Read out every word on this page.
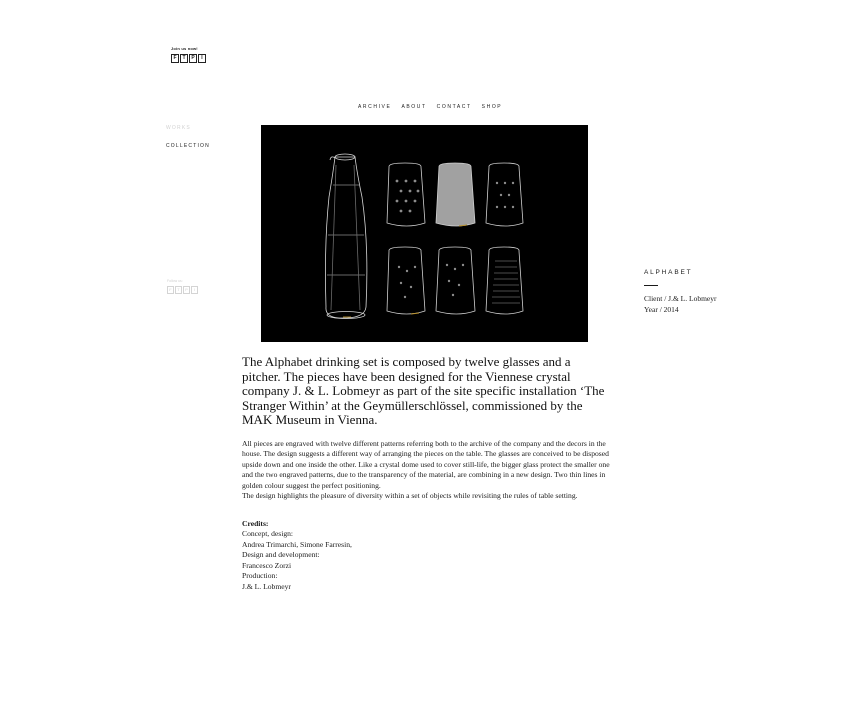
Join us now!
F	T	P	I
ARCHIVE ABOUT CONTACT SHOP
WORKS
COLLECTION
Follow us:
F	T	P	I
ALPHABET
Client / J.& L. Lobmeyr
Year / 2014

The Alphabet drinking set is composed by twelve glasses and a pitcher. The pieces have been designed for the Viennese crystal company J. & L. Lobmeyr as part of the site specific installation ‘The Stranger Within’ at the Geymüllerschlössel, commissioned by the MAK Museum in Vienna.

All pieces are engraved with twelve different patterns referring both to the archive of the company and the decors in the house. The design suggests a different way of arranging the pieces on the table. The glasses are conceived to be disposed upside down and one inside the other. Like a crystal dome used to cover still-life, the bigger glass protect the smaller one and the two engraved patterns, due to the transparency of the material, are combining in a new design. Two thin lines in golden colour suggest the perfect positioning.

The design highlights the pleasure of diversity within a set of objects while revisiting the rules of table setting.

Credits:
Concept, design:
Andrea Trimarchi, Simone Farresin,
Design and development:
Francesco Zorzi
Production:
J.& L. Lobmeyr
